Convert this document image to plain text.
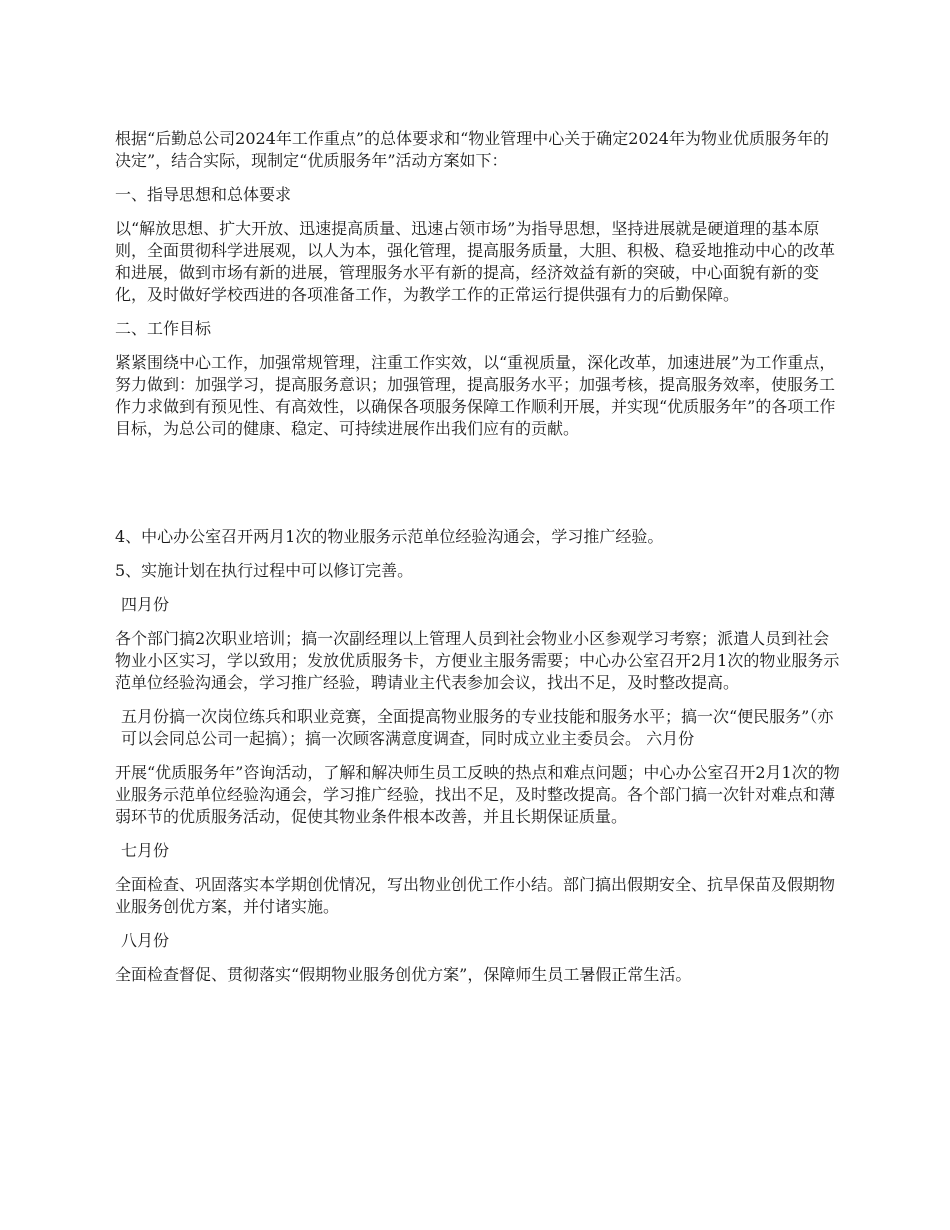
根据“后勤总公司2024年工作重点”的总体要求和“物业管理中心关于确定2024年为物业优质服务年的决定”，结合实际，现制定“优质服务年”活动方案如下：

一、指导思想和总体要求

以“解放思想、扩大开放、迅速提高质量、迅速占领市场”为指导思想，坚持进展就是硬道理的基本原则，全面贯彻科学进展观，以人为本，强化管理，提高服务质量，大胆、积极、稳妥地推动中心的改革和进展，做到市场有新的进展，管理服务水平有新的提高，经济效益有新的突破，中心面貌有新的变化，及时做好学校西进的各项准备工作，为教学工作的正常运行提供强有力的后勤保障。

二、工作目标

紧紧围绕中心工作，加强常规管理，注重工作实效，以“重视质量，深化改革，加速进展”为工作重点，努力做到：加强学习，提高服务意识；加强管理，提高服务水平；加强考核，提高服务效率，使服务工作力求做到有预见性、有高效性，以确保各项服务保障工作顺利开展，并实现“优质服务年”的各项工作目标，为总公司的健康、稳定、可持续进展作出我们应有的贡献。

4、中心办公室召开两月1次的物业服务示范单位经验沟通会，学习推广经验。

5、实施计划在执行过程中可以修订完善。

四月份

各个部门搞2次职业培训；搞一次副经理以上管理人员到社会物业小区参观学习考察；派遣人员到社会物业小区实习，学以致用；发放优质服务卡，方便业主服务需要；中心办公室召开2月1次的物业服务示范单位经验沟通会，学习推广经验，聘请业主代表参加会议，找出不足，及时整改提高。

五月份搞一次岗位练兵和职业竞赛，全面提高物业服务的专业技能和服务水平；搞一次“便民服务”（亦可以会同总公司一起搞）；搞一次顾客满意度调查，同时成立业主委员会。 六月份

开展“优质服务年”咨询活动，了解和解决师生员工反映的热点和难点问题；中心办公室召开2月1次的物业服务示范单位经验沟通会，学习推广经验，找出不足，及时整改提高。各个部门搞一次针对难点和薄弱环节的优质服务活动，促使其物业条件根本改善，并且长期保证质量。

七月份

全面检查、巩固落实本学期创优情况，写出物业创优工作小结。部门搞出假期安全、抗旱保苗及假期物业服务创优方案，并付诸实施。

八月份

全面检查督促、贯彻落实“假期物业服务创优方案”，保障师生员工暑假正常生活。
